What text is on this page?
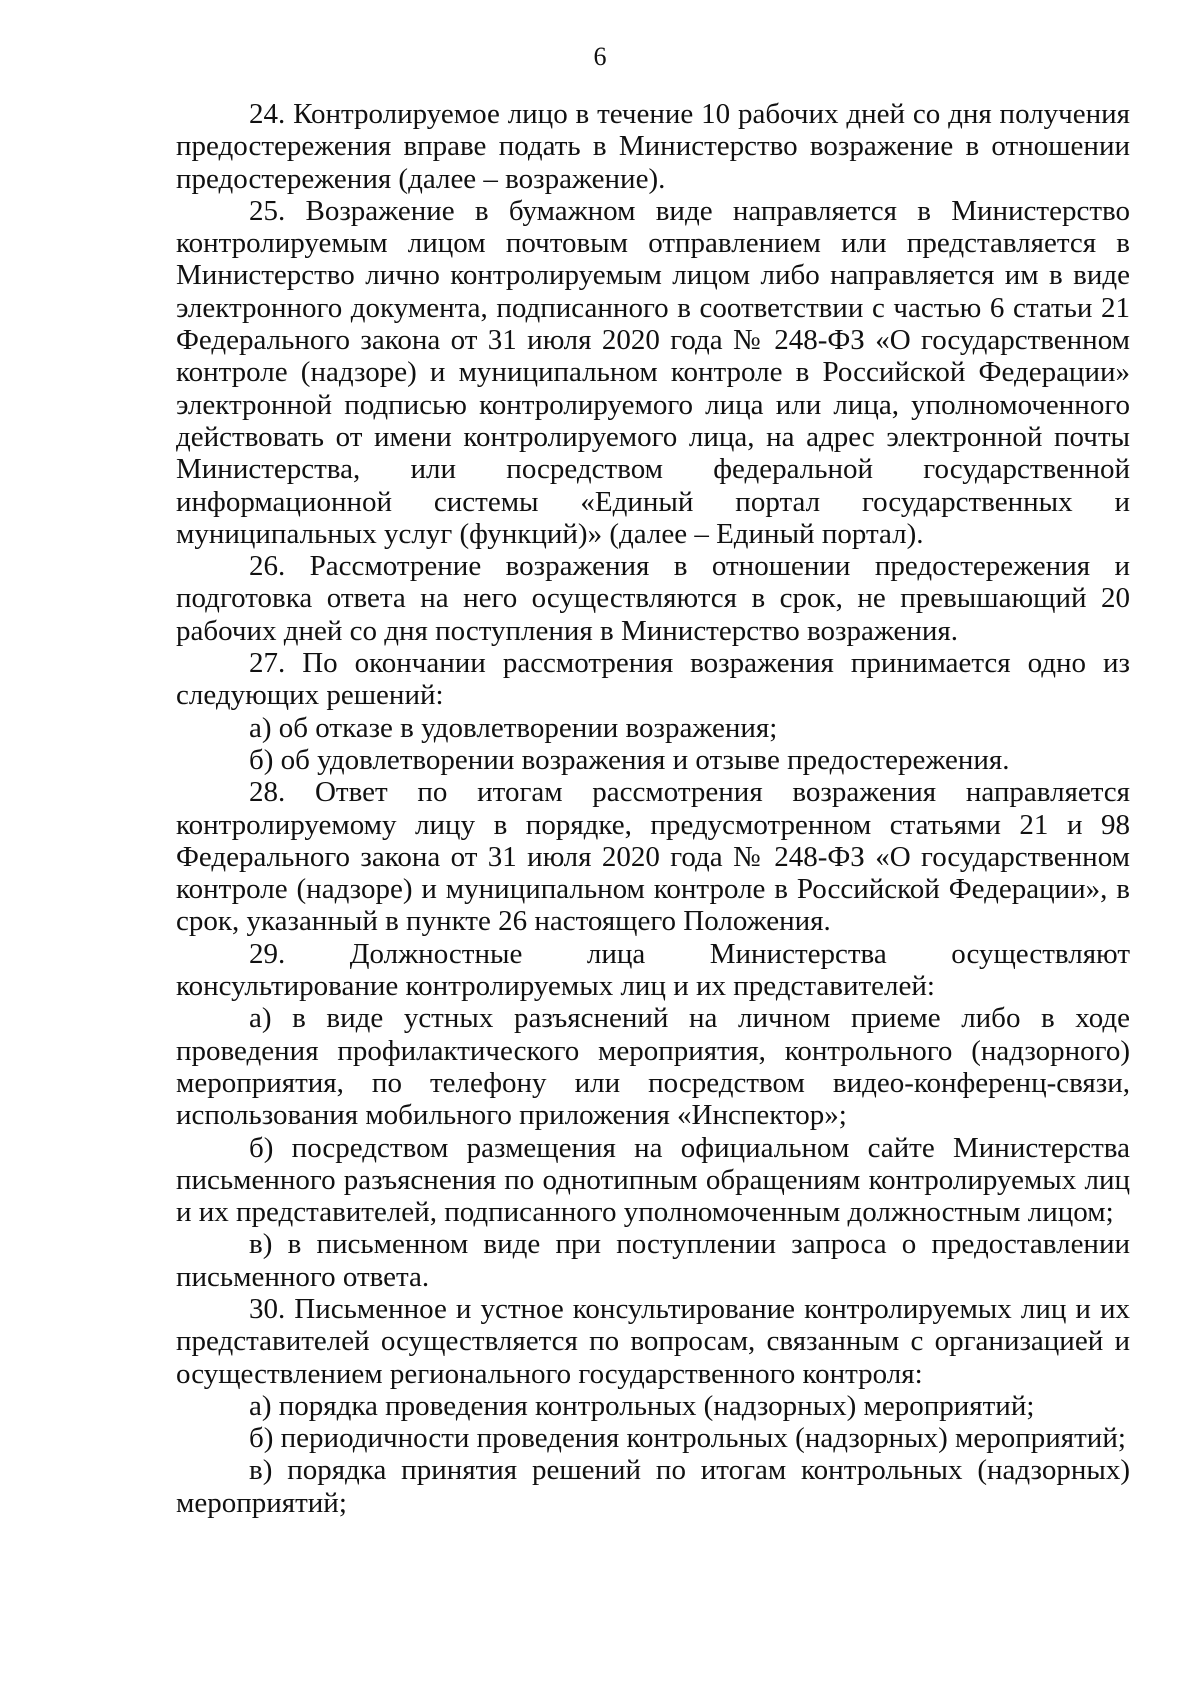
6

24. Контролируемое лицо в течение 10 рабочих дней со дня получения предостережения вправе подать в Министерство возражение в отношении предостережения (далее – возражение).

25. Возражение в бумажном виде направляется в Министерство контролируемым лицом почтовым отправлением или представляется в Министерство лично контролируемым лицом либо направляется им в виде электронного документа, подписанного в соответствии с частью 6 статьи 21 Федерального закона от 31 июля 2020 года № 248-ФЗ «О государственном контроле (надзоре) и муниципальном контроле в Российской Федерации» электронной подписью контролируемого лица или лица, уполномоченного действовать от имени контролируемого лица, на адрес электронной почты Министерства, или посредством федеральной государственной информационной системы «Единый портал государственных и муниципальных услуг (функций)» (далее – Единый портал).

26. Рассмотрение возражения в отношении предостережения и подготовка ответа на него осуществляются в срок, не превышающий 20 рабочих дней со дня поступления в Министерство возражения.

27. По окончании рассмотрения возражения принимается одно из следующих решений:

а) об отказе в удовлетворении возражения;

б) об удовлетворении возражения и отзыве предостережения.

28. Ответ по итогам рассмотрения возражения направляется контролируемому лицу в порядке, предусмотренном статьями 21 и 98 Федерального закона от 31 июля 2020 года № 248-ФЗ «О государственном контроле (надзоре) и муниципальном контроле в Российской Федерации», в срок, указанный в пункте 26 настоящего Положения.

29. Должностные лица Министерства осуществляют консультирование контролируемых лиц и их представителей:

а) в виде устных разъяснений на личном приеме либо в ходе проведения профилактического мероприятия, контрольного (надзорного) мероприятия, по телефону или посредством видео-конференц-связи, использования мобильного приложения «Инспектор»;

б) посредством размещения на официальном сайте Министерства письменного разъяснения по однотипным обращениям контролируемых лиц и их представителей, подписанного уполномоченным должностным лицом;

в) в письменном виде при поступлении запроса о предоставлении письменного ответа.

30. Письменное и устное консультирование контролируемых лиц и их представителей осуществляется по вопросам, связанным с организацией и осуществлением регионального государственного контроля:

а) порядка проведения контрольных (надзорных) мероприятий;

б) периодичности проведения контрольных (надзорных) мероприятий;

в) порядка принятия решений по итогам контрольных (надзорных) мероприятий;
